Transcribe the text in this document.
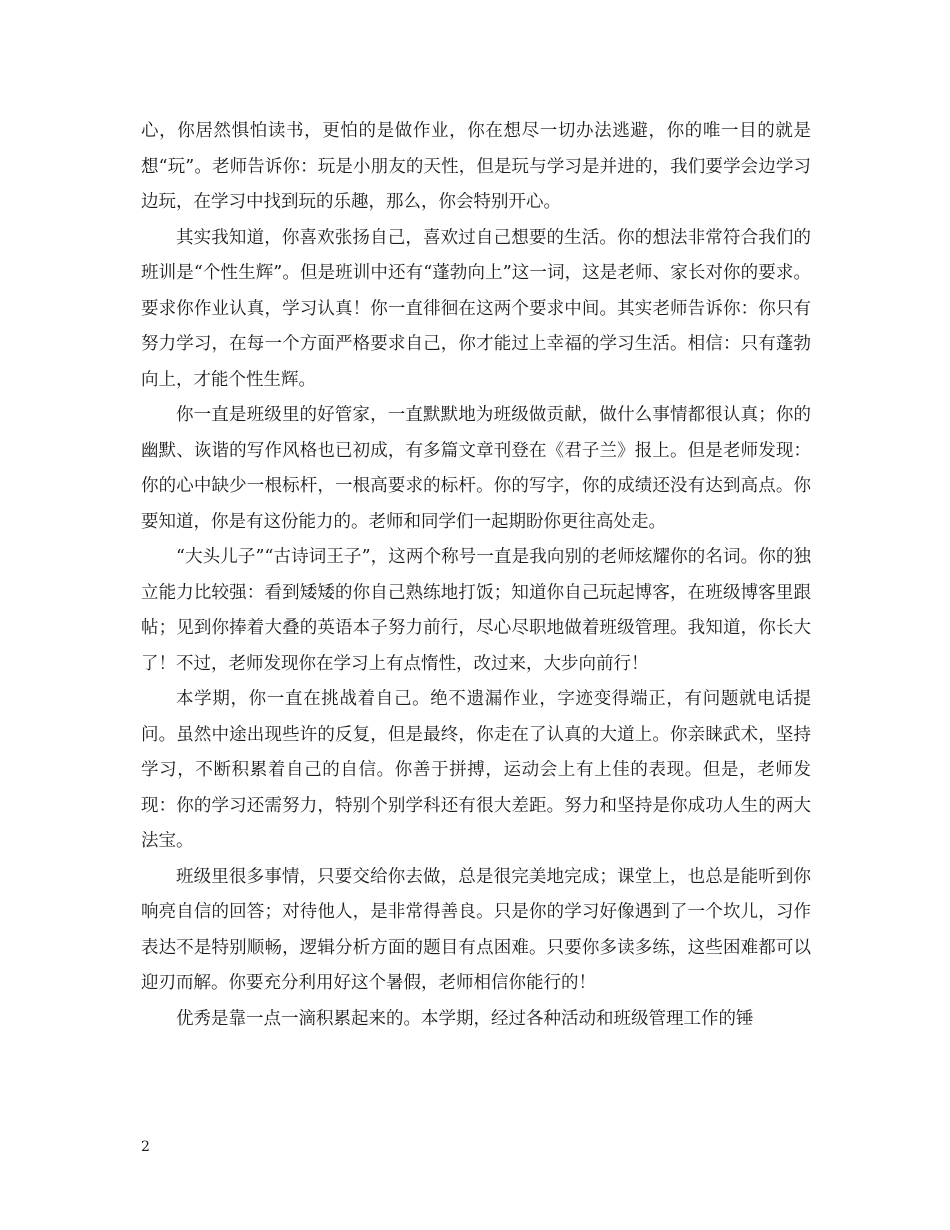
心，你居然惧怕读书，更怕的是做作业，你在想尽一切办法逃避，你的唯一目的就是想“玩”。老师告诉你：玩是小朋友的天性，但是玩与学习是并进的，我们要学会边学习边玩，在学习中找到玩的乐趣，那么，你会特别开心。

其实我知道，你喜欢张扬自己，喜欢过自己想要的生活。你的想法非常符合我们的班训是“个性生辉”。但是班训中还有“蓬勃向上”这一词，这是老师、家长对你的要求。要求你作业认真，学习认真！你一直徘徊在这两个要求中间。其实老师告诉你：你只有努力学习，在每一个方面严格要求自己，你才能过上幸福的学习生活。相信：只有蓬勃向上，才能个性生辉。

你一直是班级里的好管家，一直默默地为班级做贡献，做什么事情都很认真；你的幽默、诙谐的写作风格也已初成，有多篇文章刊登在《君子兰》报上。但是老师发现：你的心中缺少一根标杆，一根高要求的标杆。你的写字，你的成绩还没有达到高点。你要知道，你是有这份能力的。老师和同学们一起期盼你更往高处走。

“大头儿子”“古诗词王子”，这两个称号一直是我向别的老师炫耀你的名词。你的独立能力比较强：看到矮矮的你自己熟练地打饭；知道你自己玩起博客，在班级博客里跟帖；见到你捧着大叠的英语本子努力前行，尽心尽职地做着班级管理。我知道，你长大了！不过，老师发现你在学习上有点惰性，改过来，大步向前行！

本学期，你一直在挑战着自己。绝不遗漏作业，字迹变得端正，有问题就电话提问。虽然中途出现些许的反复，但是最终，你走在了认真的大道上。你亲睐武术，坚持学习，不断积累着自己的自信。你善于拼搏，运动会上有上佳的表现。但是，老师发现：你的学习还需努力，特别个别学科还有很大差距。努力和坚持是你成功人生的两大法宝。

班级里很多事情，只要交给你去做，总是很完美地完成；课堂上，也总是能听到你响亮自信的回答；对待他人，是非常得善良。只是你的学习好像遇到了一个坎儿，习作表达不是特别顺畅，逻辑分析方面的题目有点困难。只要你多读多练，这些困难都可以迎刃而解。你要充分利用好这个暑假，老师相信你能行的！

优秀是靠一点一滴积累起来的。本学期，经过各种活动和班级管理工作的锤

2
